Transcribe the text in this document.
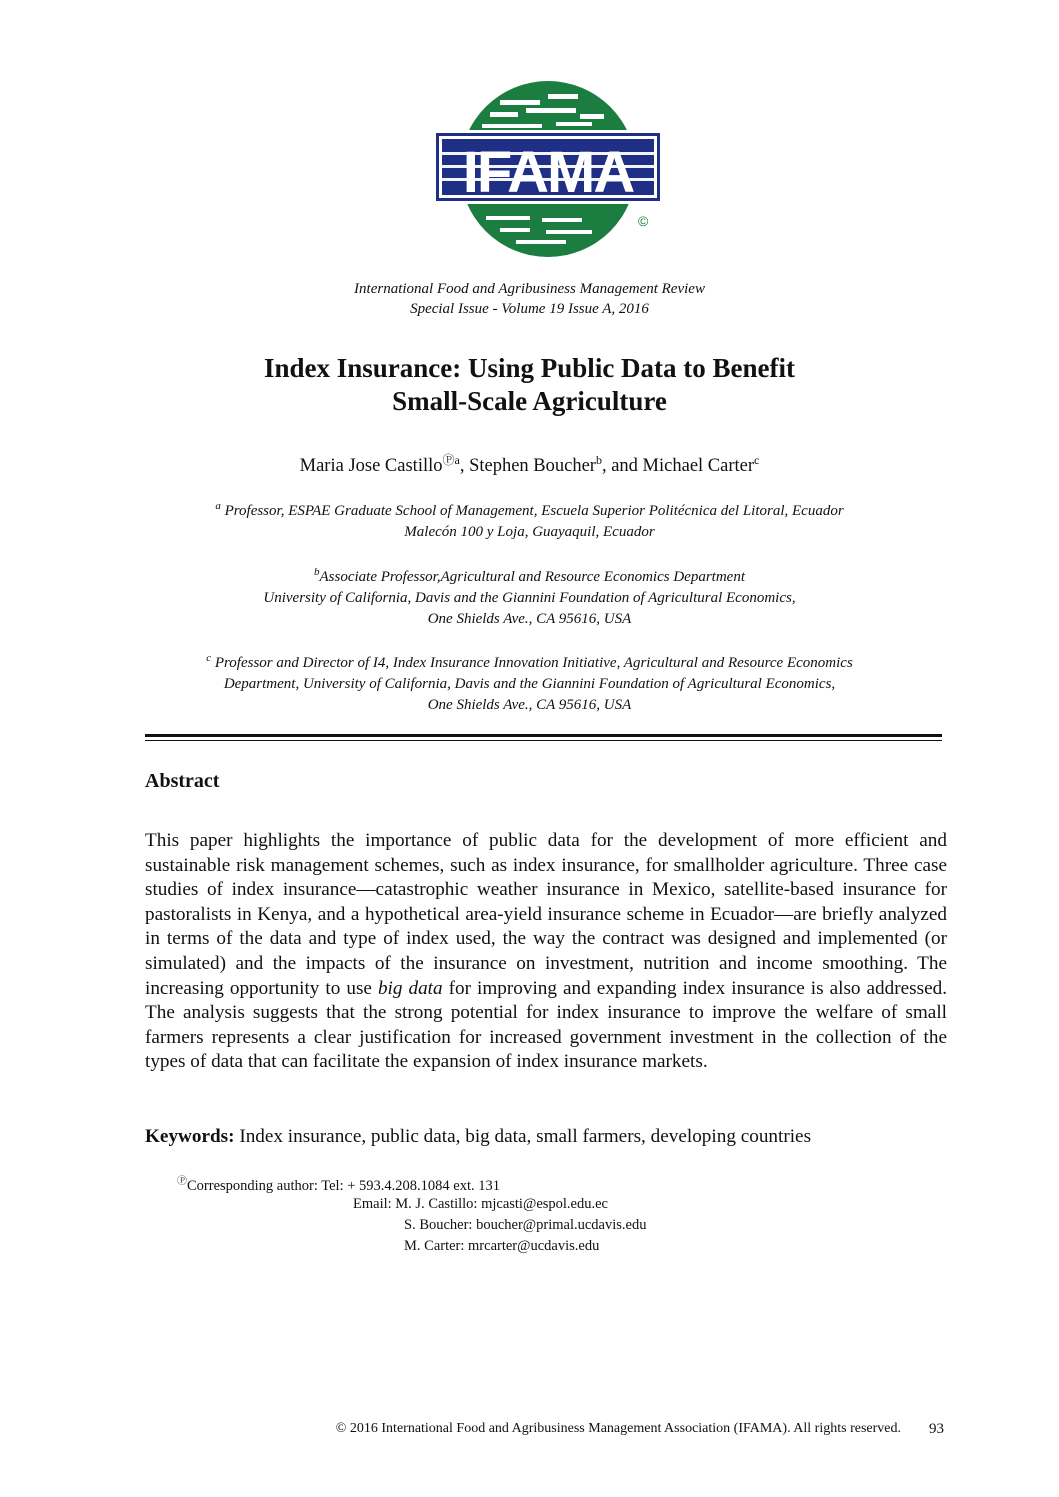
IFAMA
©
International Food and Agribusiness Management Review
Special Issue - Volume 19 Issue A, 2016
Index Insurance: Using Public Data to Benefit
Small-Scale Agriculture
Maria Jose Castillo$^{Ⓟa}$, Stephen Boucher$^b$, and Michael Carter$^c$
$^a$ Professor, ESPAE Graduate School of Management, Escuela Superior Politécnica del Litoral, Ecuador
Malecón 100 y Loja, Guayaquil, Ecuador
$^b$Associate Professor,Agricultural and Resource Economics Department
University of California, Davis and the Giannini Foundation of Agricultural Economics,
One Shields Ave., CA 95616, USA
$^c$ Professor and Director of I4, Index Insurance Innovation Initiative, Agricultural and Resource Economics
Department, University of California, Davis and the Giannini Foundation of Agricultural Economics,
One Shields Ave., CA 95616, USA
Abstract
This paper highlights the importance of public data for the development of more efficient and sustainable risk management schemes, such as index insurance, for smallholder agriculture. Three case studies of index insurance—catastrophic weather insurance in Mexico, satellite-based insurance for pastoralists in Kenya, and a hypothetical area-yield insurance scheme in Ecuador—are briefly analyzed in terms of the data and type of index used, the way the contract was designed and implemented (or simulated) and the impacts of the insurance on investment, nutrition and income smoothing. The increasing opportunity to use big data for improving and expanding index insurance is also addressed. The analysis suggests that the strong potential for index insurance to improve the welfare of small farmers represents a clear justification for increased government investment in the collection of the types of data that can facilitate the expansion of index insurance markets.
Keywords: Index insurance, public data, big data, small farmers, developing countries
ⓅCorresponding author: Tel: + 593.4.208.1084 ext. 131
Email: M. J. Castillo: mjcasti@espol.edu.ec
S. Boucher: boucher@primal.ucdavis.edu
M. Carter: mrcarter@ucdavis.edu
© 2016 International Food and Agribusiness Management Association (IFAMA). All rights reserved. 93
